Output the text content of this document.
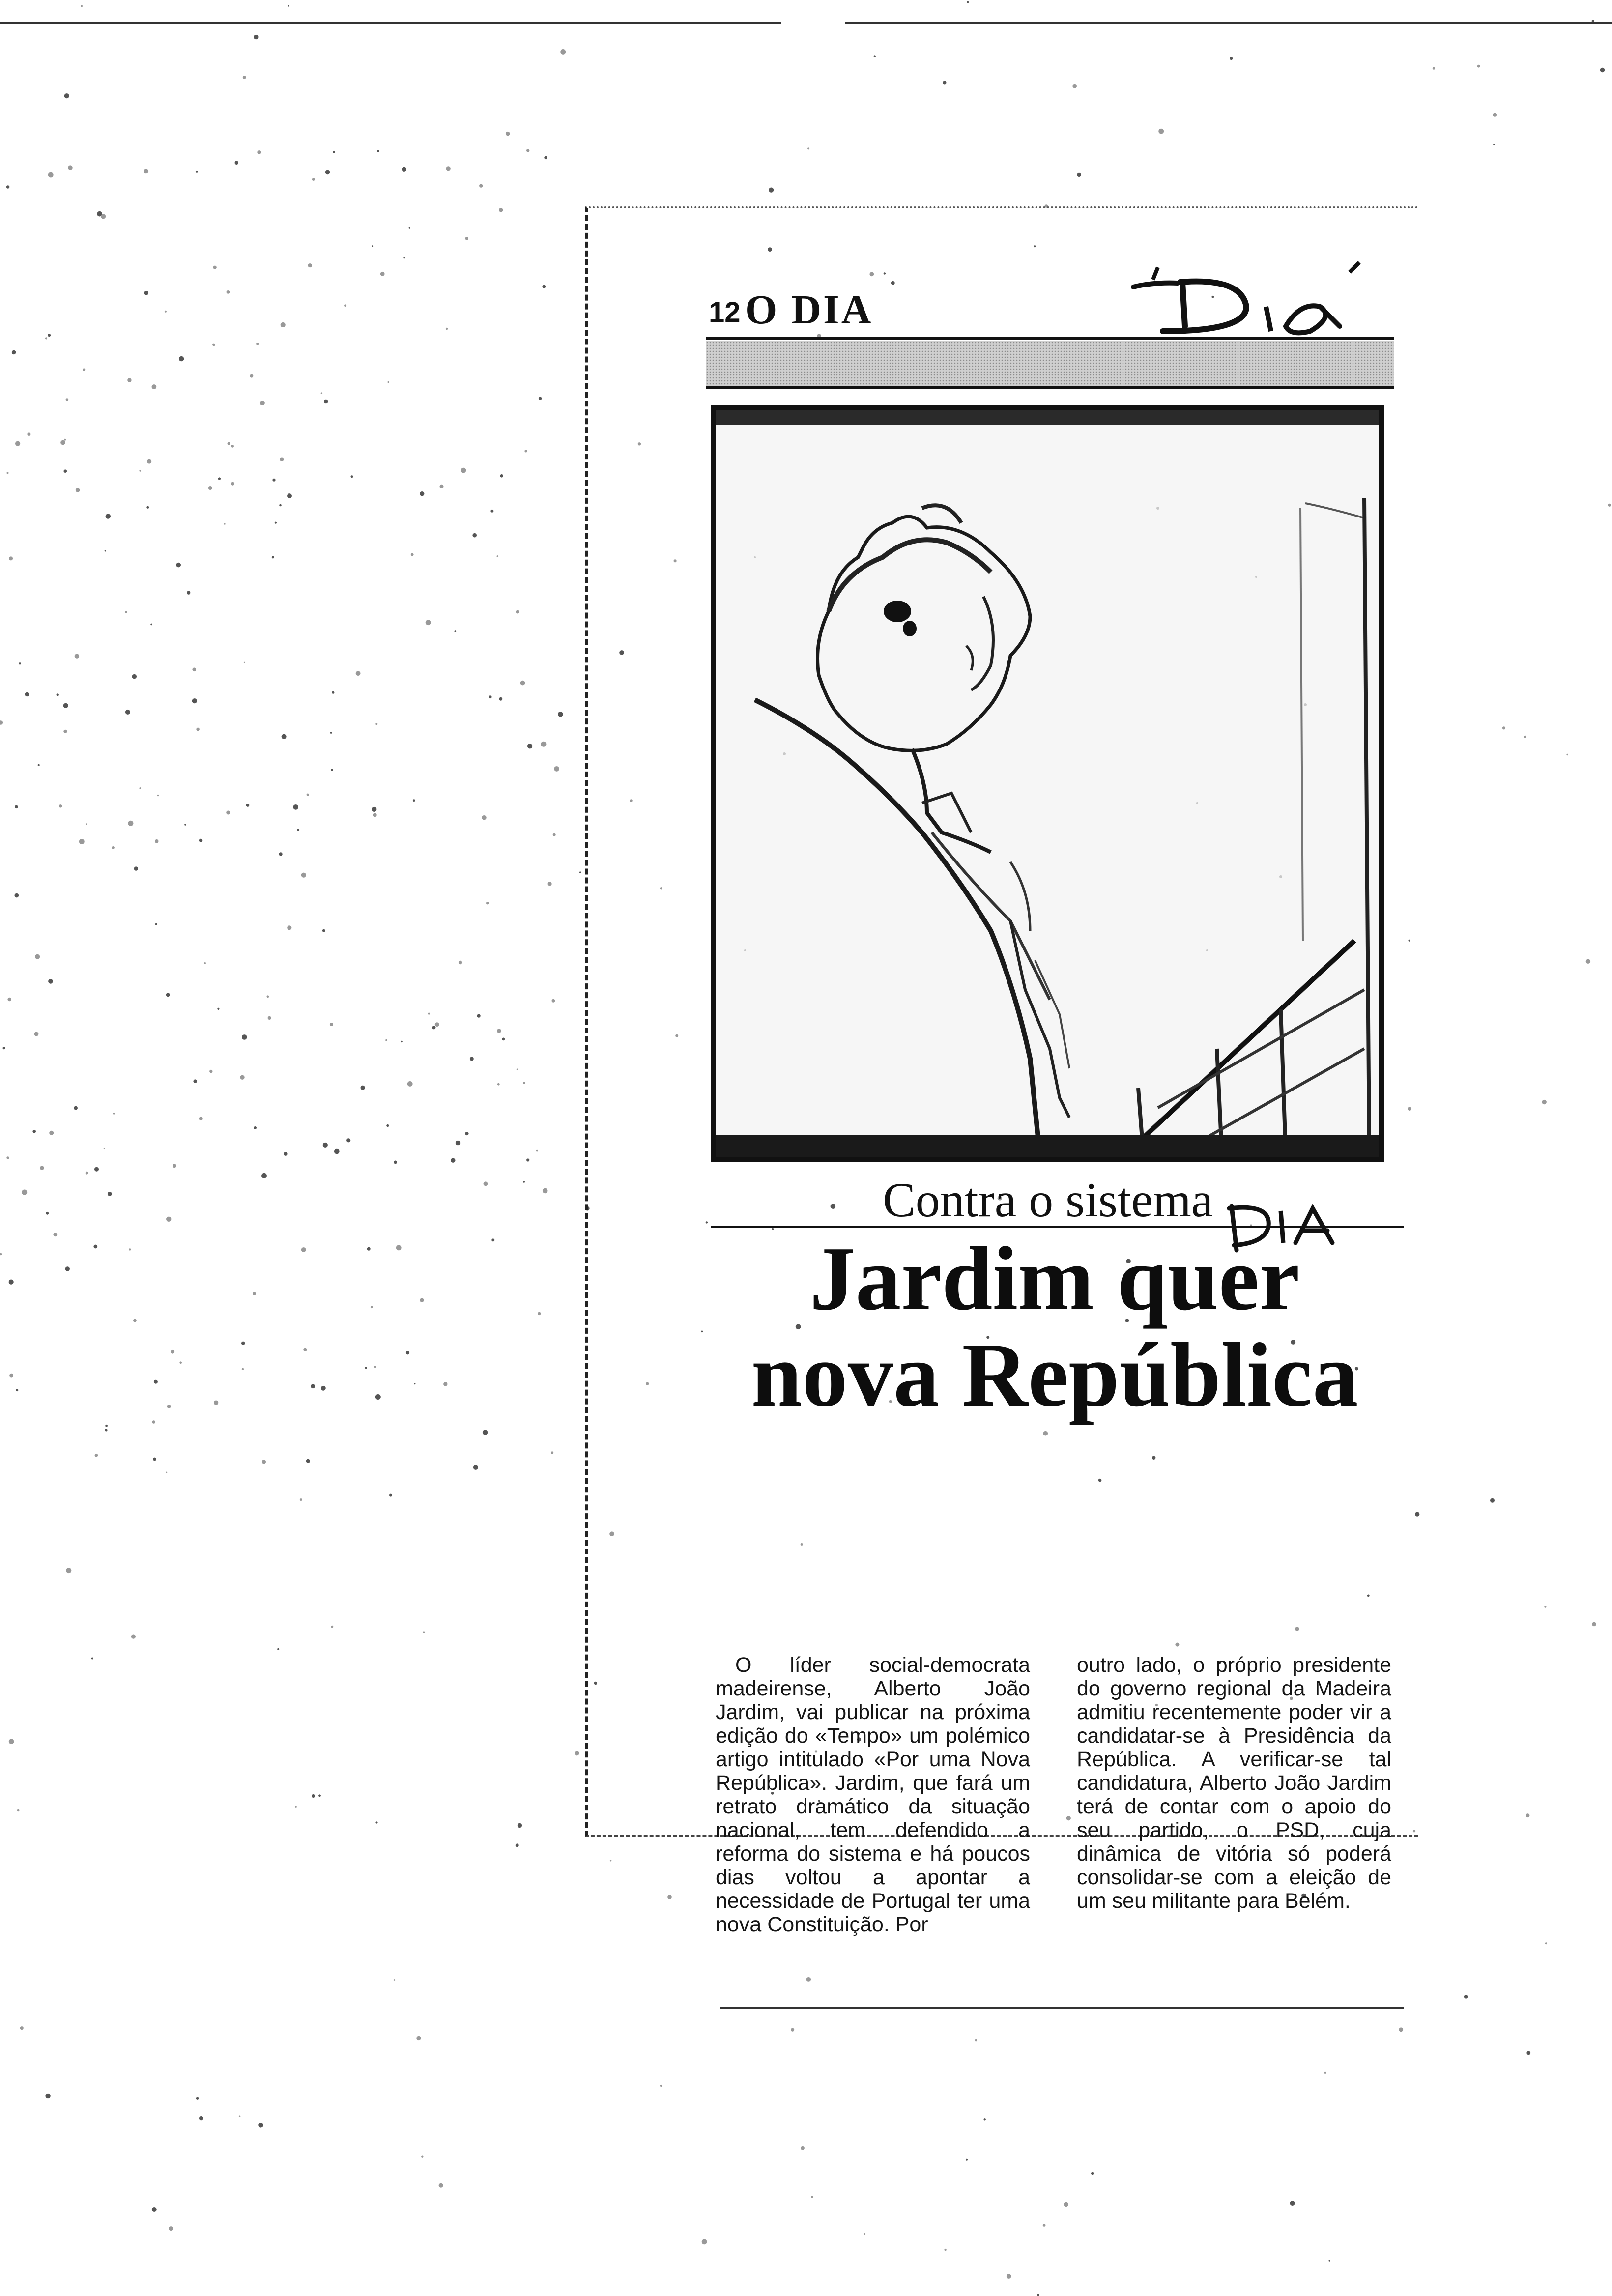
12 O DIA
Contra o sistema
Jardim quer
nova República
O líder social-democrata madeirense, Alberto João Jardim, vai publicar na próxima edição do «Tempo» um polémico artigo intitulado «Por uma Nova República». Jardim, que fará um retrato dramático da situação nacional, tem defendido a reforma do sistema e há poucos dias voltou a apontar a necessidade de Portugal ter uma nova Constituição. Por
outro lado, o próprio presidente do governo regional da Madeira admitiu recentemente poder vir a candidatar-se à Presidência da República. A verificar-se tal candidatura, Alberto João Jardim terá de contar com o apoio do seu partido, o PSD, cuja dinâmica de vitória só poderá consolidar-se com a eleição de um seu militante para Belém.
